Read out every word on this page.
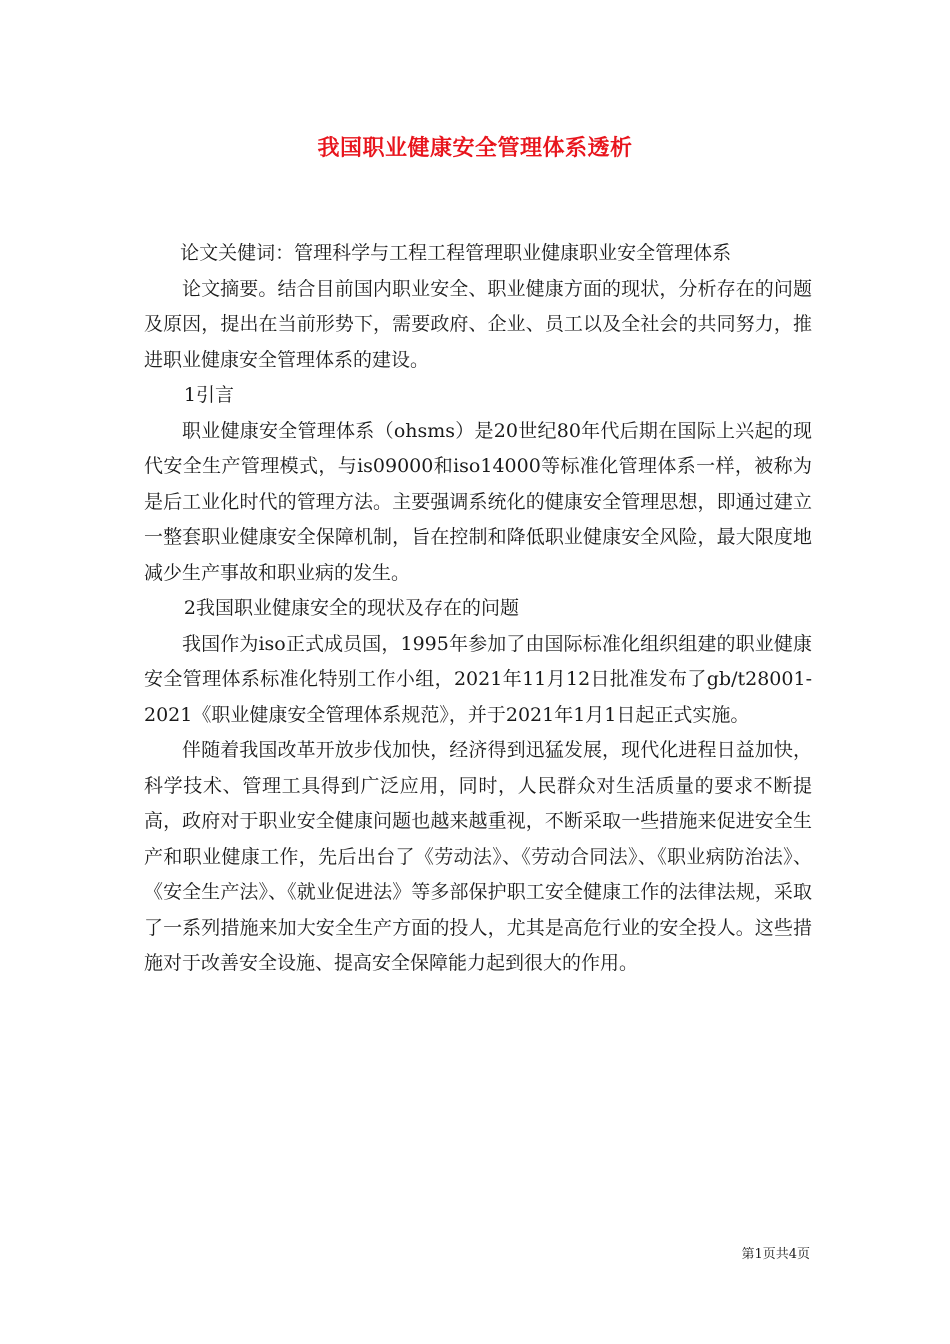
我国职业健康安全管理体系透析

论文关健词：管理科学与工程工程管理职业健康职业安全管理体系

论文摘要。结合目前国内职业安全、职业健康方面的现状，分析存在的问题及原因，提出在当前形势下，需要政府、企业、员工以及全社会的共同努力，推进职业健康安全管理体系的建设。

1引言

职业健康安全管理体系（ohsms）是20世纪80年代后期在国际上兴起的现代安全生产管理模式，与is09000和iso14000等标准化管理体系一样，被称为是后工业化时代的管理方法。主要强调系统化的健康安全管理思想，即通过建立一整套职业健康安全保障机制，旨在控制和降低职业健康安全风险，最大限度地减少生产事故和职业病的发生。

2我国职业健康安全的现状及存在的问题

我国作为iso正式成员国，1995年参加了由国际标准化组织组建的职业健康安全管理体系标准化特别工作小组，2021年11月12日批准发布了gb/t28001-2021《职业健康安全管理体系规范》，并于2021年1月1日起正式实施。

伴随着我国改革开放步伐加快，经济得到迅猛发展，现代化进程日益加快，科学技术、管理工具得到广泛应用，同时，人民群众对生活质量的要求不断提高，政府对于职业安全健康问题也越来越重视，不断采取一些措施来促进安全生产和职业健康工作，先后出台了《劳动法》、《劳动合同法》、《职业病防治法》、《安全生产法》、《就业促进法》等多部保护职工安全健康工作的法律法规，采取了一系列措施来加大安全生产方面的投人，尤其是高危行业的安全投人。这些措施对于改善安全设施、提高安全保障能力起到很大的作用。

第1页共4页
